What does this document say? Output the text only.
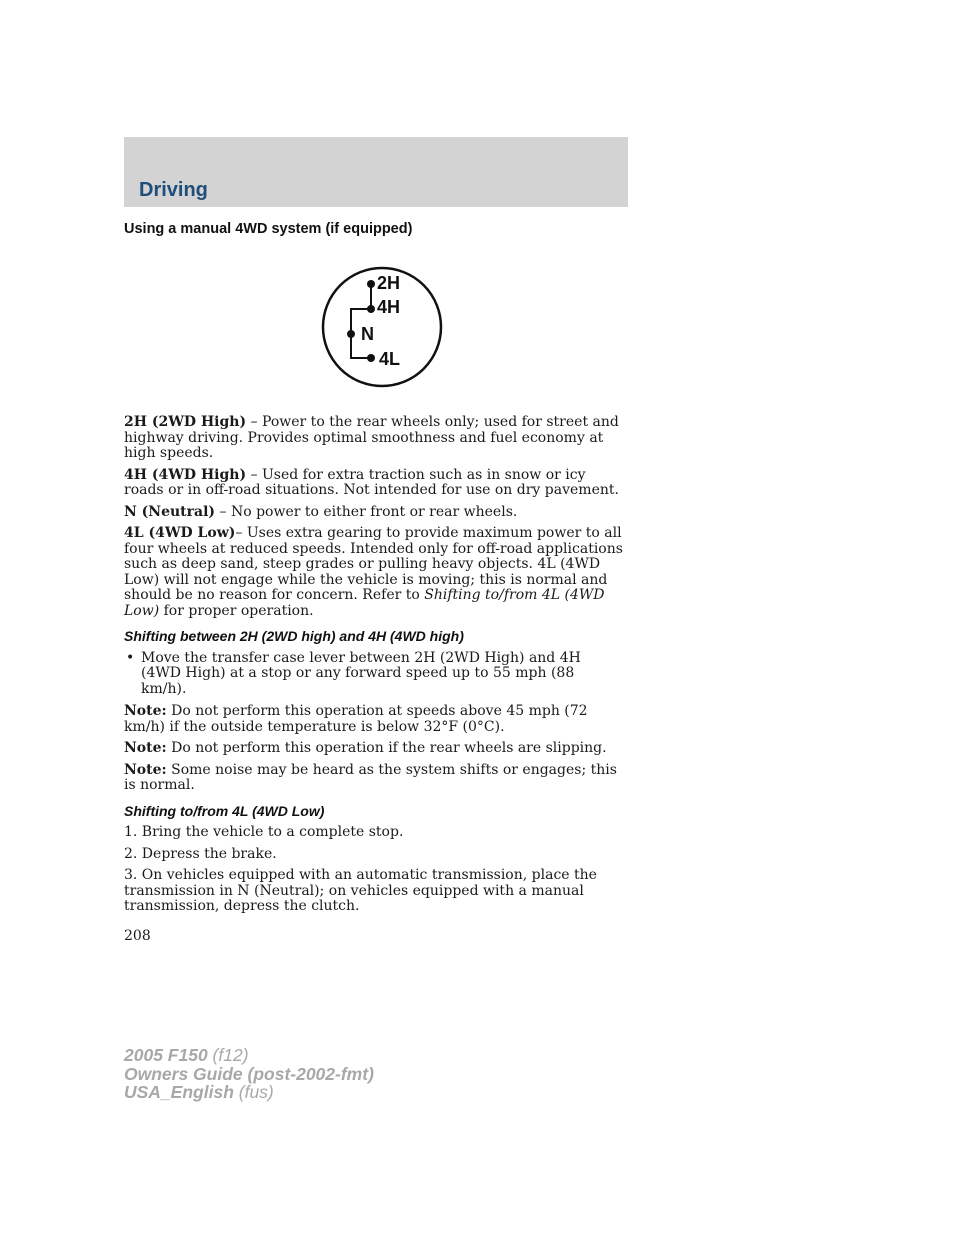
Driving
Using a manual 4WD system (if equipped)
2H
4H
N
4L

2H (2WD High) – Power to the rear wheels only; used for street and highway driving. Provides optimal smoothness and fuel economy at high speeds.

4H (4WD High) – Used for extra traction such as in snow or icy roads or in off-road situations. Not intended for use on dry pavement.

N (Neutral) – No power to either front or rear wheels.

4L (4WD Low)– Uses extra gearing to provide maximum power to all four wheels at reduced speeds. Intended only for off-road applications such as deep sand, steep grades or pulling heavy objects. 4L (4WD Low) will not engage while the vehicle is moving; this is normal and should be no reason for concern. Refer to Shifting to/from 4L (4WD Low) for proper operation.

Shifting between 2H (2WD high) and 4H (4WD high)
• Move the transfer case lever between 2H (2WD High) and 4H (4WD High) at a stop or any forward speed up to 55 mph (88 km/h).

Note: Do not perform this operation at speeds above 45 mph (72 km/h) if the outside temperature is below 32°F (0°C).

Note: Do not perform this operation if the rear wheels are slipping.

Note: Some noise may be heard as the system shifts or engages; this is normal.

Shifting to/from 4L (4WD Low)

1. Bring the vehicle to a complete stop.

2. Depress the brake.

3. On vehicles equipped with an automatic transmission, place the transmission in N (Neutral); on vehicles equipped with a manual transmission, depress the clutch.

208
2005 F150 (f12)
Owners Guide (post-2002-fmt)
USA_English (fus)
